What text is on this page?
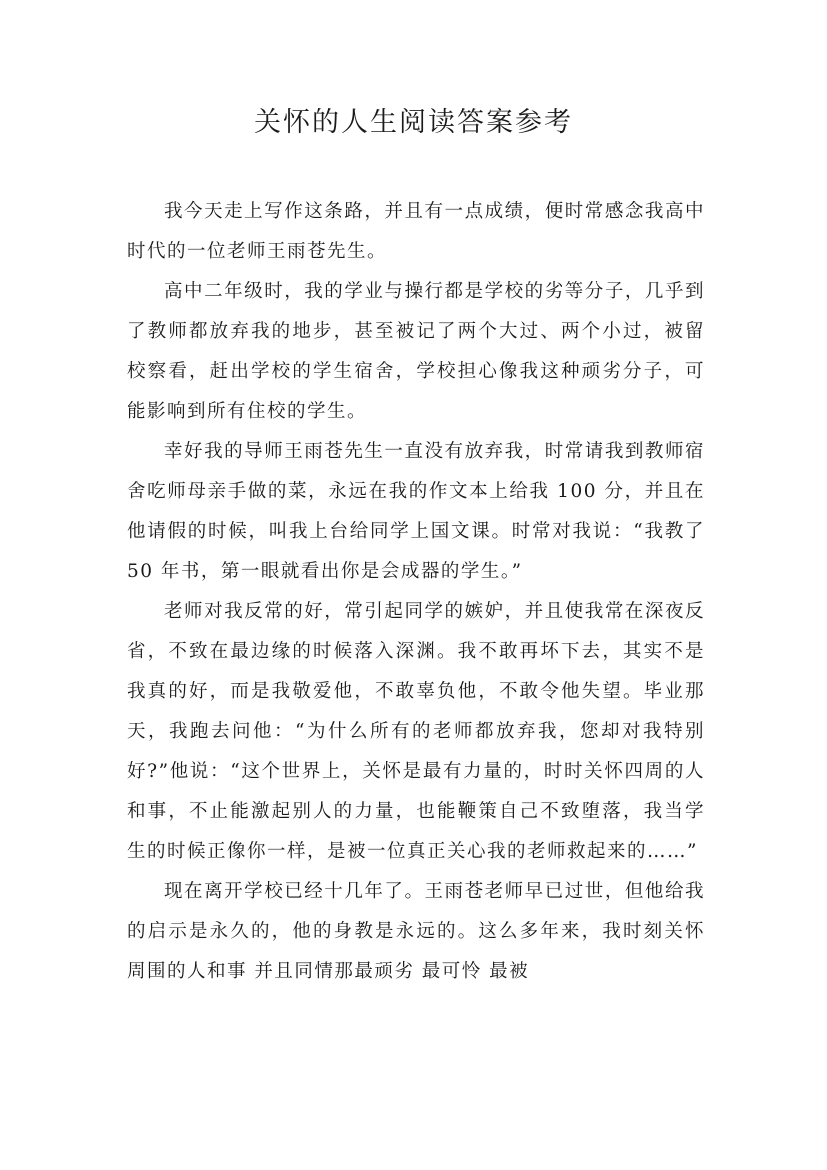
关怀的人生阅读答案参考

我今天走上写作这条路，并且有一点成绩，便时常感念我高中时代的一位老师王雨苍先生。

高中二年级时，我的学业与操行都是学校的劣等分子，几乎到了教师都放弃我的地步，甚至被记了两个大过、两个小过，被留校察看，赶出学校的学生宿舍，学校担心像我这种顽劣分子，可能影响到所有住校的学生。

幸好我的导师王雨苍先生一直没有放弃我，时常请我到教师宿舍吃师母亲手做的菜，永远在我的作文本上给我 100 分，并且在他请假的时候，叫我上台给同学上国文课。时常对我说：“我教了 50 年书，第一眼就看出你是会成器的学生。”

老师对我反常的好，常引起同学的嫉妒，并且使我常在深夜反省，不致在最边缘的时候落入深渊。我不敢再坏下去，其实不是我真的好，而是我敬爱他，不敢辜负他，不敢令他失望。毕业那天，我跑去问他：“为什么所有的老师都放弃我，您却对我特别好?”他说：“这个世界上，关怀是最有力量的，时时关怀四周的人和事，不止能激起别人的力量，也能鞭策自己不致堕落，我当学生的时候正像你一样，是被一位真正关心我的老师救起来的……”

现在离开学校已经十几年了。王雨苍老师早已过世，但他给我的启示是永久的，他的身教是永远的。这么多年来，我时刻关怀周围的人和事 并且同情那最顽劣 最可怜 最被
